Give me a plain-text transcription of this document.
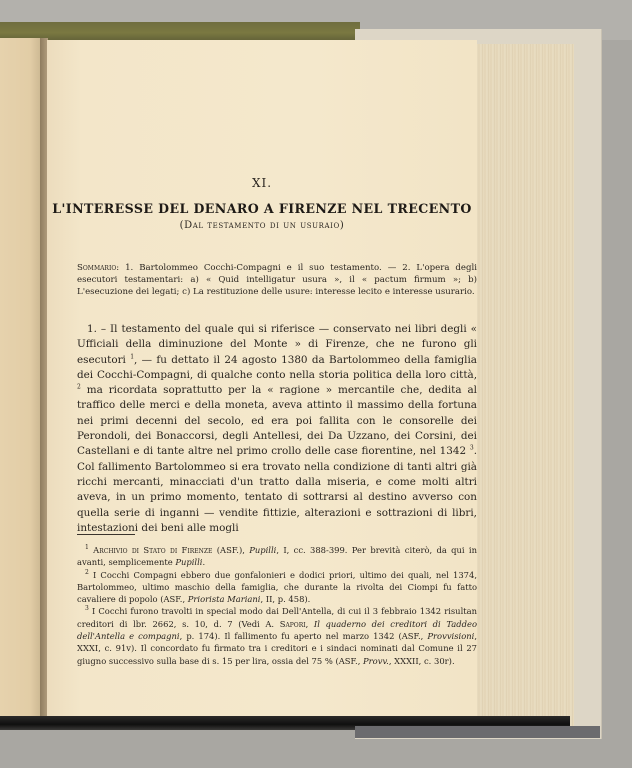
XI.
L'INTERESSE DEL DENARO A FIRENZE NEL TRECENTO
(Dal testamento di un usuraio)
Sommario: 1. Bartolommeo Cocchi-Compagni e il suo testamento. — 2. L'opera degli esecutori testamentari: a) « Quid intelligatur usura », il « pactum firmum »; b) L'esecuzione dei legati; c) La restituzione delle usure: interesse lecito e interesse usurario.

1. – Il testamento del quale qui si riferisce — conservato nei libri degli « Ufficiali della diminuzione del Monte » di Firenze, che ne furono gli esecutori $^1$, — fu dettato il 24 agosto 1380 da Bartolommeo della famiglia dei Cocchi-Compagni, di qualche conto nella storia politica della loro città, $^2$ ma ricordata soprattutto per la « ragione » mercantile che, dedita al traffico delle merci e della moneta, aveva attinto il massimo della fortuna nei primi decenni del secolo, ed era poi fallita con le consorelle dei Perondoli, dei Bonaccorsi, degli Antellesi, dei Da Uzzano, dei Corsini, dei Castellani e di tante altre nel primo crollo delle case fiorentine, nel 1342 $^3$. Col fallimento Bartolommeo si era trovato nella condizione di tanti altri già ricchi mercanti, minacciati d'un tratto dalla miseria, e come molti altri aveva, in un primo momento, tentato di sottrarsi al destino avverso con quella serie di inganni — vendite fittizie, alterazioni e sottrazioni di libri, intestazioni dei beni alle mogli

$^1$ Archivio di Stato di Firenze (ASF.), Pupilli, I, cc. 388-399. Per brevità citerò, da qui in avanti, semplicemente Pupilli.

$^2$ I Cocchi Compagni ebbero due gonfalonieri e dodici priori, ultimo dei quali, nel 1374, Bartolommeo, ultimo maschio della famiglia, che durante la rivolta dei Ciompi fu fatto cavaliere di popolo (ASF., Priorista Mariani, II, p. 458).

$^3$ I Cocchi furono travolti in special modo dai Dell'Antella, di cui il 3 febbraio 1342 risultan creditori di lbr. 2662, s. 10, d. 7 (Vedi A. Sapori, Il quaderno dei creditori di Taddeo dell'Antella e compagni, p. 174). Il fallimento fu aperto nel marzo 1342 (ASF., Provvisioni, XXXI, c. 91v). Il concordato fu firmato tra i creditori e i sindaci nominati dal Comune il 27 giugno successivo sulla base di s. 15 per lira, ossia del 75 % (ASF., Provv., XXXII, c. 30r).
